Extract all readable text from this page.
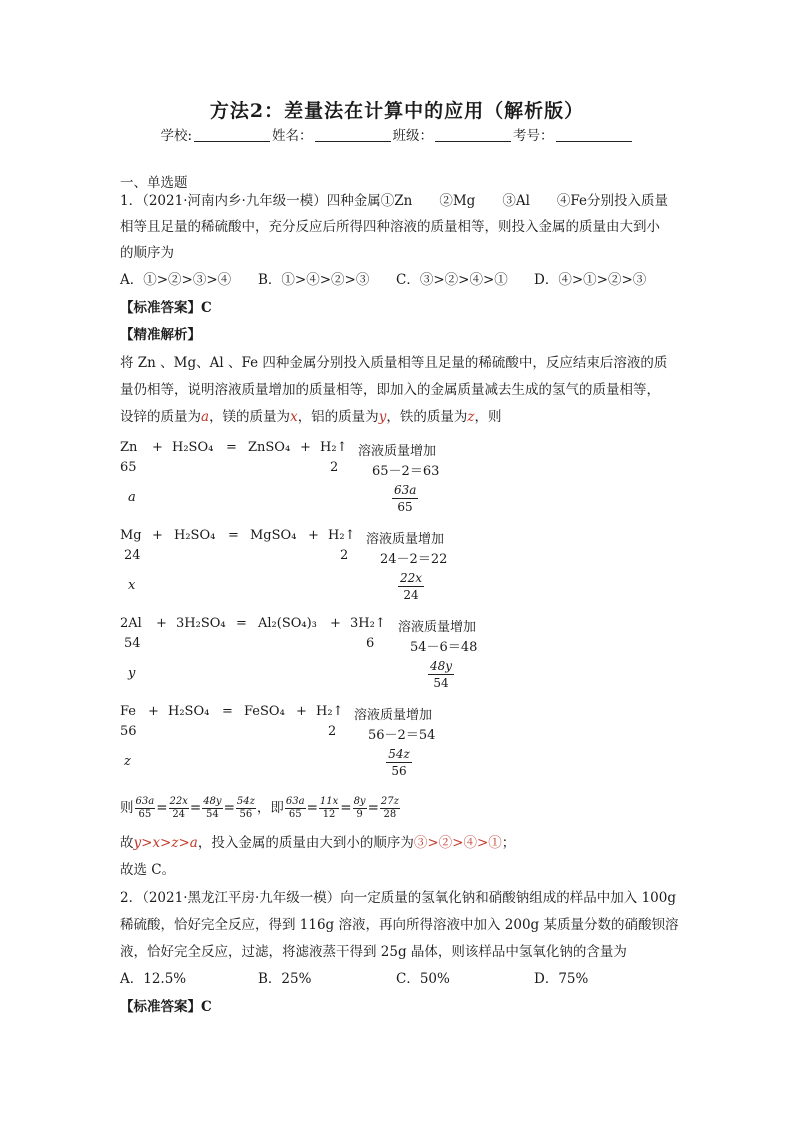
方法2：差量法在计算中的应用（解析版）
学校:	姓名：	班级：	考号：
一、单选题
1．（2021·河南内乡·九年级一模）四种金属①Zn　　②Mg　　③Al　　④Fe分别投入质量
相等且足量的稀硫酸中，充分反应后所得四种溶液的质量相等，则投入金属的质量由大到小
的顺序为
A．①>②>③>④ B．①>④>②>③ C．③>②>④>① D．④>①>②>③
【标准答案】C
【精准解析】
将 Zn 、Mg、Al 、Fe 四种金属分别投入质量相等且足量的稀硫酸中，反应结束后溶液的质
量仍相等，说明溶液质量增加的质量相等，即加入的金属质量减去生成的氢气的质量相等，
设锌的质量为a，镁的质量为x，铝的质量为y，铁的质量为z，则
Zn + H₂SO₄ = ZnSO₄ + H₂↑ 溶液质量增加
65	2	65－2＝63
a	$\frac{63a}{65}$
Mg + H₂SO₄ = MgSO₄ + H₂↑ 溶液质量增加
24	2 24－2＝22
x	$\frac{22x}{24}$
2Al + 3H₂SO₄ = Al₂(SO₄)₃ + 3H₂↑ 溶液质量增加
54	6	54－6＝48
y	$\frac{48y}{54}$
Fe + H₂SO₄ = FeSO₄ + H₂↑ 溶液质量增加
56	2 56－2＝54
z	$\frac{54z}{56}$
则 $\frac{63a}{65} = \frac{22x}{24} = \frac{48y}{54} = \frac{54z}{56}$ ，即 $\frac{63a}{65} = \frac{11x}{12} = \frac{8y}{9} = \frac{27z}{28}$
故y>x>z>a，投入金属的质量由大到小的顺序为③>②>④>①；
故选 C。
2．（2021·黑龙江平房·九年级一模）向一定质量的氢氧化钠和硝酸钠组成的样品中加入 100g
稀硫酸，恰好完全反应，得到 116g 溶液，再向所得溶液中加入 200g 某质量分数的硝酸钡溶
液，恰好完全反应，过滤，将滤液蒸干得到 25g 晶体，则该样品中氢氧化钠的含量为
A．12.5%	B．25%	C．50%	D．75%
【标准答案】C
